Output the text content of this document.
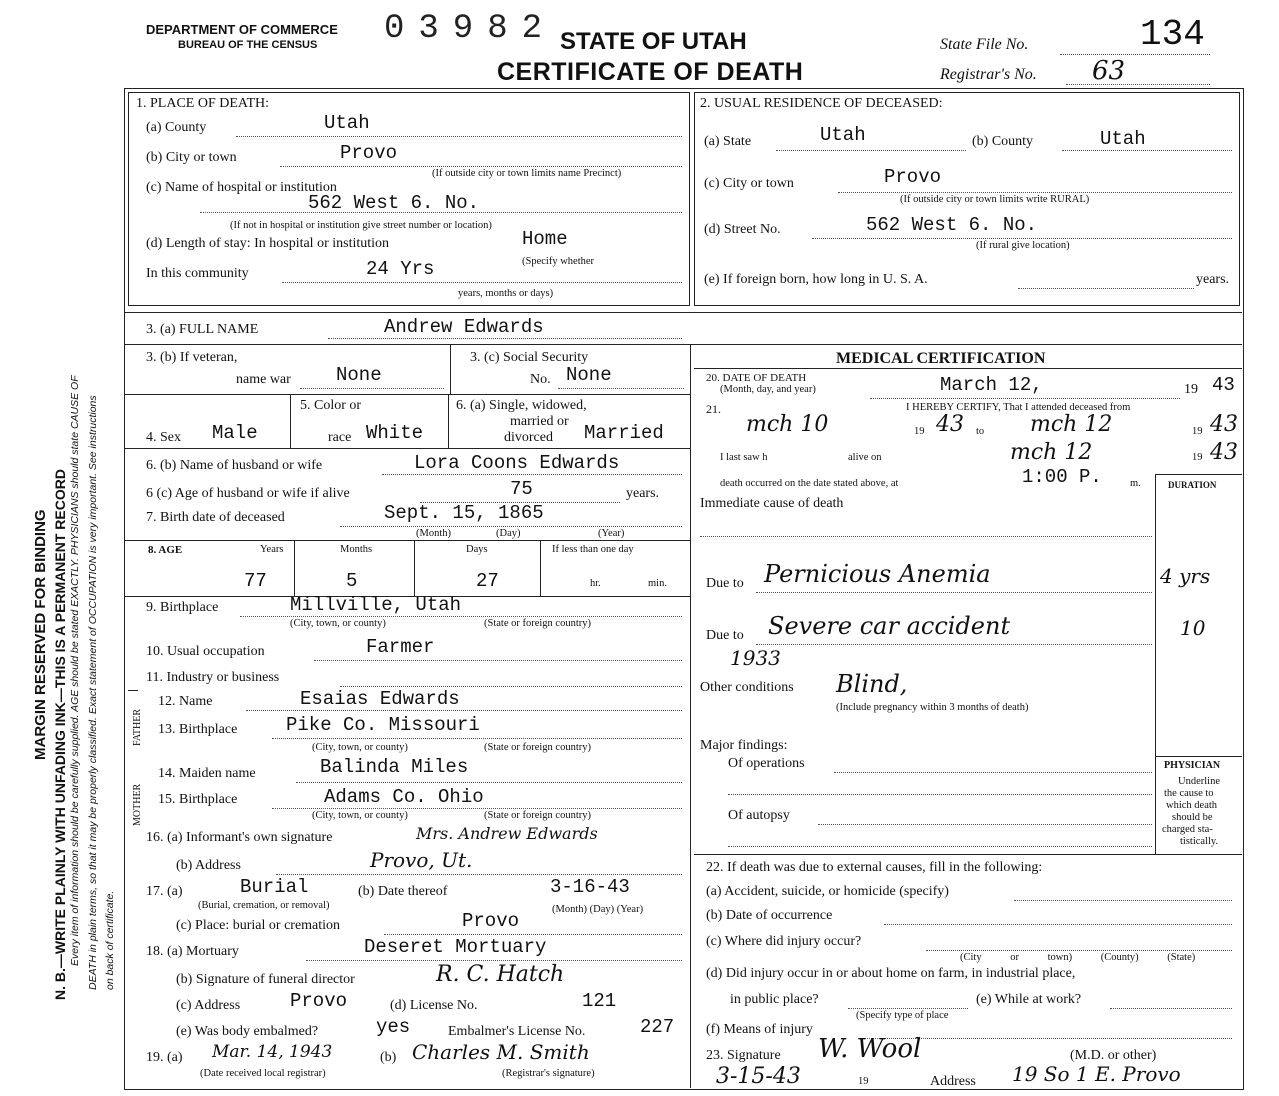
DEPARTMENT OF COMMERCE
BUREAU OF THE CENSUS 03982 STATE OF UTAH
CERTIFICATE OF DEATH
State File No.	134
Registrar's No. 63
MARGIN RESERVED FOR BINDING N. B.—WRITE PLAINLY WITH UNFADING INK—THIS IS A PERMANENT RECORD Every item of information should be carefully supplied. AGE should be stated EXACTLY. PHYSICIANS should state CAUSE OF DEATH in plain terms, so that it may be properly classified. Exact statement of OCCUPATION is very important. See instructions on back of certificate.
1. PLACE OF DEATH:
(a) County	Utah
(b) City or town	Provo
(If outside city or town limits name Precinct)
(c) Name of hospital or institution
562 West 6. No.
(If not in hospital or institution give street number or location)
(d) Length of stay: In hospital or institution	Home
(Specify whether
In this community	24 Yrs
years, months or days)
2. USUAL RESIDENCE OF DECEASED:
(a) State	Utah	(b) County	Utah
(c) City or town	Provo
(If outside city or town limits write RURAL)
(d) Street No.	562 West 6. No.
(If rural give location)
(e) If foreign born, how long in U. S. A.	years.
3. (a) FULL NAME	Andrew Edwards
3. (b) If veteran,
name war None
3. (c) Social Security
No. None
4. Sex Male
5. Color or
race White
6. (a) Single, widowed,
married or
divorced Married
6. (b) Name of husband or wife	Lora Coons Edwards
6 (c) Age of husband or wife if alive	75	years.
7. Birth date of deceased	Sept. 15, 1865
(Month)	(Day)	(Year)
8. AGE	Years	Months	Days	If less than one day
77	5	27	hr.	min.
9. Birthplace	Millville, Utah
(City, town, or county)	(State or foreign country)
10. Usual occupation	Farmer
11. Industry or business
FATHER
MOTHER
12. Name	Esaias Edwards
13. Birthplace	Pike Co. Missouri
(City, town, or county)	(State or foreign country)
14. Maiden name	Balinda Miles
15. Birthplace	Adams Co. Ohio
(City, town, or county)	(State or foreign country)
16. (a) Informant's own signature	Mrs. Andrew Edwards
(b) Address	Provo, Ut.
17. (a)	Burial
(Burial, cremation, or removal)
(b) Date thereof	3-16-43
(Month) (Day) (Year)
(c) Place: burial or cremation	Provo
18. (a) Mortuary	Deseret Mortuary
(b) Signature of funeral director	R. C. Hatch
(c) Address	Provo	(d) License No.	121
(e) Was body embalmed?	yes	Embalmer's License No.	227
19. (a) Mar. 14, 1943
(Date received local registrar)
(b) Charles M. Smith
(Registrar's signature)
MEDICAL CERTIFICATION
20. DATE OF DEATH
(Month, day, and year)	March 12,	19 43
21.	I HEREBY CERTIFY, That I attended deceased from
mch 10	19 43 to mch 12	19 43
I last saw h	alive on	mch 12	19 43
death occurred on the date stated above, at	1:00 P.	m.	DURATION
Immediate cause of death
Due to Pernicious Anemia	4 yrs
Due to Severe car accident	10
1933
Other conditions Blind,
(Include pregnancy within 3 months of death)
Major findings:
Of operations
Of autopsy
PHYSICIAN
Underline
the cause to
which death
should be
charged sta-
tistically.
22. If death was due to external causes, fill in the following:
(a) Accident, suicide, or homicide (specify)
(b) Date of occurrence
(c) Where did injury occur?
(City or town) (County) (State)
(d) Did injury occur in or about home on farm, in industrial place,
in public place?
(Specify type of place
(e) While at work?
(f) Means of injury
23. Signature W. Wool	(M.D. or other)
3-15-43	19	Address 19 So 1 E. Provo
